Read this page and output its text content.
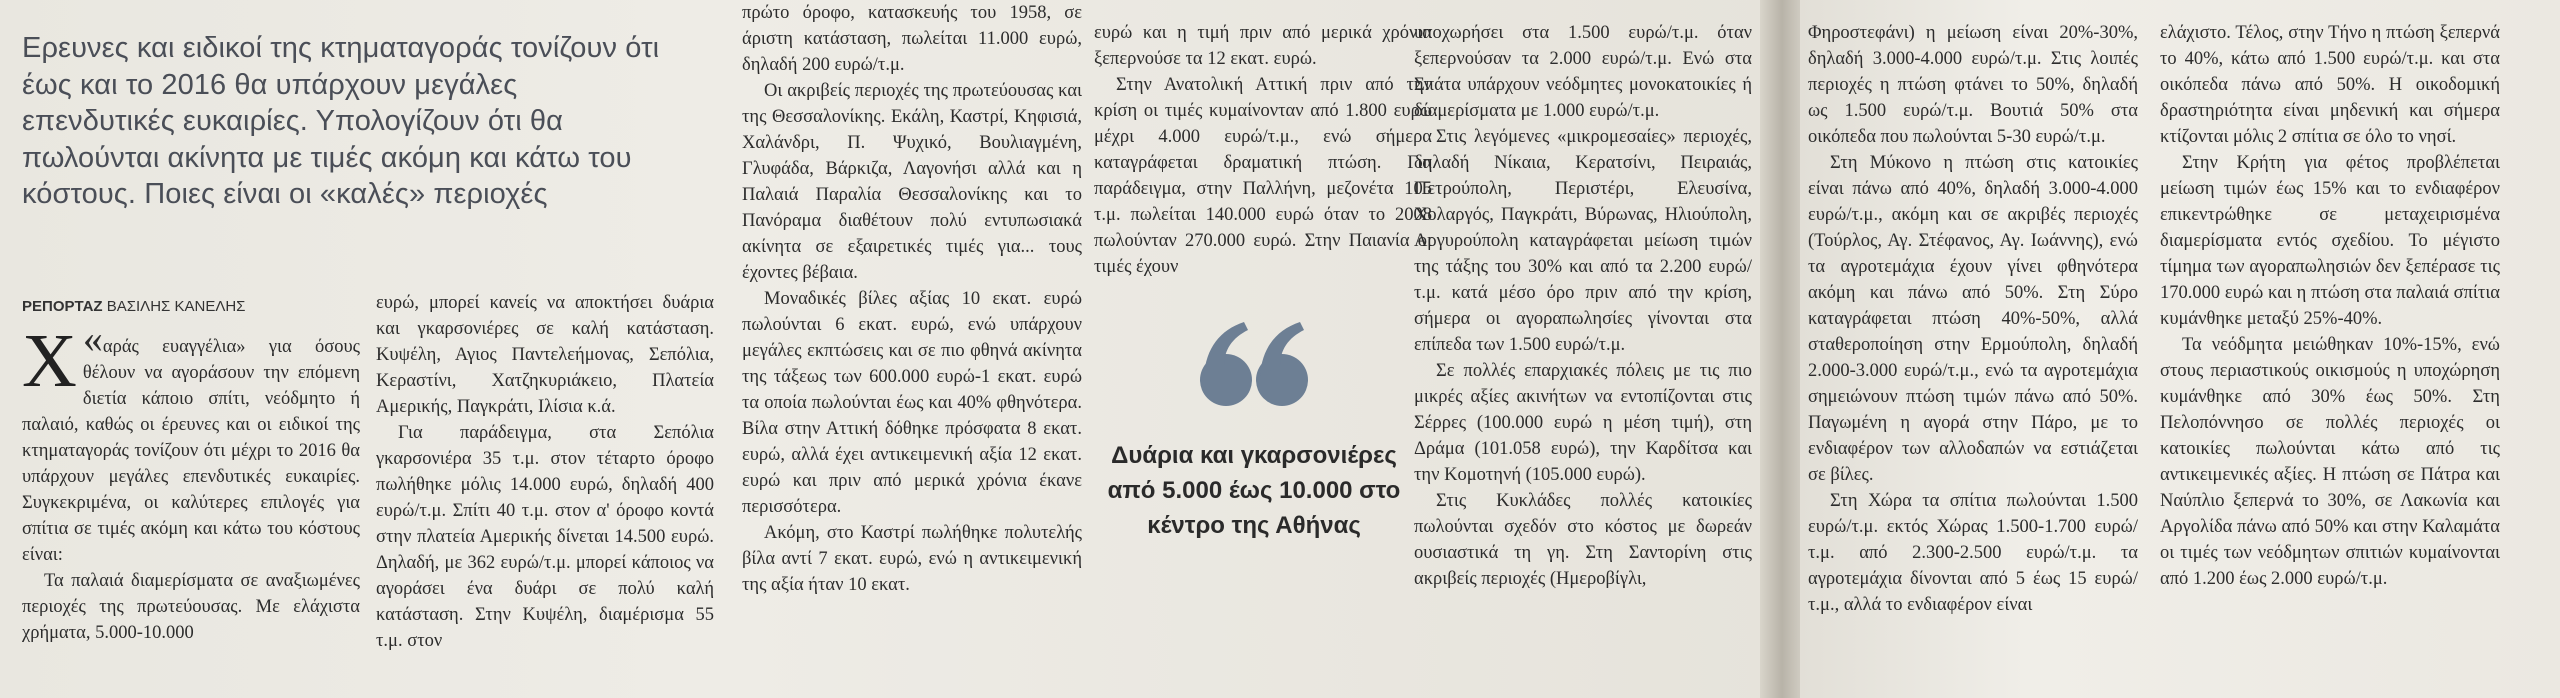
Ερευνες και ειδικοί της κτηματαγοράς τονίζουν ότι έως και το 2016 θα υπάρχουν μεγάλες επενδυτικές ευκαιρίες. Υπολογίζουν ότι θα πωλούνται ακίνητα με τιμές ακόμη και κάτω του κόστους. Ποιες είναι οι «καλές» περιοχές
ΡΕΠΟΡΤΑΖ ΒΑΣΙΛΗΣ ΚΑΝΕΛΗΣ

«
Χ αράς ευαγγέλια» για όσους θέλουν να αγοράσουν την επόμενη διετία κάποιο σπίτι, νεόδμητο ή παλαιό, καθώς οι έρευνες και οι ειδικοί της κτηματαγοράς τονίζουν ότι μέχρι το 2016 θα υπάρχουν μεγάλες επενδυτικές ευκαιρίες. Συγκεκριμένα, οι καλύτερες επιλογές για σπίτια σε τιμές ακόμη και κάτω του κόστους είναι:

Τα παλαιά διαμερίσματα σε αναξιωμένες περιοχές της πρωτεύουσας. Με ελάχιστα χρήματα, 5.000-10.000

ευρώ, μπορεί κανείς να αποκτήσει δυάρια και γκαρσονιέρες σε καλή κατάσταση. Κυψέλη, Αγιος Παντελεήμονας, Σεπόλια, Κεραστίνι, Χατζηκυριάκειο, Πλατεία Αμερικής, Παγκράτι, Ιλίσια κ.ά.

Για παράδειγμα, στα Σεπόλια γκαρσονιέρα 35 τ.μ. στον τέταρτο όροφο πωλήθηκε μόλις 14.000 ευρώ, δηλαδή 400 ευρώ/τ.μ. Σπίτι 40 τ.μ. στον α' όροφο κοντά στην πλατεία Αμερικής δίνεται 14.500 ευρώ. Δηλαδή, με 362 ευρώ/τ.μ. μπορεί κάποιος να αγοράσει ένα δυάρι σε πολύ καλή κατάσταση. Στην Κυψέλη, διαμέρισμα 55 τ.μ. στον

πρώτο όροφο, κατασκευής του 1958, σε άριστη κατάσταση, πωλείται 11.000 ευρώ, δηλαδή 200 ευρώ/τ.μ.

Οι ακριβείς περιοχές της πρωτεύουσας και της Θεσσαλονίκης. Εκάλη, Καστρί, Κηφισιά, Χαλάνδρι, Π. Ψυχικό, Βουλιαγμένη, Γλυφάδα, Βάρκιζα, Λαγονήσι αλλά και η Παλαιά Παραλία Θεσσαλονίκης και το Πανόραμα διαθέτουν πολύ εντυπωσιακά ακίνητα σε εξαιρετικές τιμές για... τους έχοντες βέβαια.

Μοναδικές βίλες αξίας 10 εκατ. ευρώ πωλούνται 6 εκατ. ευρώ, ενώ υπάρχουν μεγάλες εκπτώσεις και σε πιο φθηνά ακίνητα της τάξεως των 600.000 ευρώ-1 εκατ. ευρώ τα οποία πωλούνται έως και 40% φθηνότερα. Βίλα στην Αττική δόθηκε πρόσφατα 8 εκατ. ευρώ, αλλά έχει αντικειμενική αξία 12 εκατ. ευρώ και πριν από μερικά χρόνια έκανε περισσότερα.

Ακόμη, στο Καστρί πωλήθηκε πολυτελής βίλα αντί 7 εκατ. ευρώ, ενώ η αντικειμενική της αξία ήταν 10 εκατ.

ευρώ και η τιμή πριν από μερικά χρόνια ξεπερνούσε τα 12 εκατ. ευρώ.

Στην Ανατολική Αττική πριν από την κρίση οι τιμές κυμαίνονταν από 1.800 ευρώ μέχρι 4.000 ευρώ/τ.μ., ενώ σήμερα καταγράφεται δραματική πτώση. Για παράδειγμα, στην Παλλήνη, μεζονέτα 105 τ.μ. πωλείται 140.000 ευρώ όταν το 2008 πωλούνταν 270.000 ευρώ. Στην Παιανία οι τιμές έχουν

Δυάρια και γκαρσονιέρες από 5.000 έως 10.000 στο κέντρο της Αθήνας

υποχωρήσει στα 1.500 ευρώ/τ.μ. όταν ξεπερνούσαν τα 2.000 ευρώ/τ.μ. Ενώ στα Σπάτα υπάρχουν νεόδμητες μονοκατοικίες ή διαμερίσματα με 1.000 ευρώ/τ.μ.

Στις λεγόμενες «μικρομεσαίες» περιοχές, δηλαδή Νίκαια, Κερατσίνι, Πειραιάς, Πετρούπολη, Περιστέρι, Ελευσίνα, Χολαργός, Παγκράτι, Βύρωνας, Ηλιούπολη, Αργυρούπολη καταγράφεται μείωση τιμών της τάξης του 30% και από τα 2.200 ευρώ/τ.μ. κατά μέσο όρο πριν από την κρίση, σήμερα οι αγοραπωλησίες γίνονται στα επίπεδα των 1.500 ευρώ/τ.μ.

Σε πολλές επαρχιακές πόλεις με τις πιο μικρές αξίες ακινήτων να εντοπίζονται στις Σέρρες (100.000 ευρώ η μέση τιμή), στη Δράμα (101.058 ευρώ), την Καρδίτσα και την Κομοτηνή (105.000 ευρώ).

Στις Κυκλάδες πολλές κατοικίες πωλούνται σχεδόν στο κόστος με δωρεάν ουσιαστικά τη γη. Στη Σαντορίνη στις ακριβείς περιοχές (Ημεροβίγλι,

Φηροστεφάνι) η μείωση είναι 20%-30%, δηλαδή 3.000-4.000 ευρώ/τ.μ. Στις λοιπές περιοχές η πτώση φτάνει το 50%, δηλαδή ως 1.500 ευρώ/τ.μ. Βουτιά 50% στα οικόπεδα που πωλούνται 5-30 ευρώ/τ.μ.

Στη Μύκονο η πτώση στις κατοικίες είναι πάνω από 40%, δηλαδή 3.000-4.000 ευρώ/τ.μ., ακόμη και σε ακριβές περιοχές (Τούρλος, Αγ. Στέφανος, Αγ. Ιωάννης), ενώ τα αγροτεμάχια έχουν γίνει φθηνότερα ακόμη και πάνω από 50%. Στη Σύρο καταγράφεται πτώση 40%-50%, αλλά σταθεροποίηση στην Ερμούπολη, δηλαδή 2.000-3.000 ευρώ/τ.μ., ενώ τα αγροτεμάχια σημειώνουν πτώση τιμών πάνω από 50%. Παγωμένη η αγορά στην Πάρο, με το ενδιαφέρον των αλλοδαπών να εστιάζεται σε βίλες.

Στη Χώρα τα σπίτια πωλούνται 1.500 ευρώ/τ.μ. εκτός Χώρας 1.500-1.700 ευρώ/τ.μ. από 2.300-2.500 ευρώ/τ.μ. τα αγροτεμάχια δίνονται από 5 έως 15 ευρώ/τ.μ., αλλά το ενδιαφέρον είναι

ελάχιστο. Τέλος, στην Τήνο η πτώση ξεπερνά το 40%, κάτω από 1.500 ευρώ/τ.μ. και στα οικόπεδα πάνω από 50%. Η οικοδομική δραστηριότητα είναι μηδενική και σήμερα κτίζονται μόλις 2 σπίτια σε όλο το νησί.

Στην Κρήτη για φέτος προβλέπεται μείωση τιμών έως 15% και το ενδιαφέρον επικεντρώθηκε σε μεταχειρισμένα διαμερίσματα εντός σχεδίου. Το μέγιστο τίμημα των αγοραπωλησιών δεν ξεπέρασε τις 170.000 ευρώ και η πτώση στα παλαιά σπίτια κυμάνθηκε μεταξύ 25%-40%.

Τα νεόδμητα μειώθηκαν 10%-15%, ενώ στους περιαστικούς οικισμούς η υποχώρηση κυμάνθηκε από 30% έως 50%. Στη Πελοπόννησο σε πολλές περιοχές οι κατοικίες πωλούνται κάτω από τις αντικειμενικές αξίες. Η πτώση σε Πάτρα και Ναύπλιο ξεπερνά το 30%, σε Λακωνία και Αργολίδα πάνω από 50% και στην Καλαμάτα οι τιμές των νεόδμητων σπιτιών κυμαίνονται από 1.200 έως 2.000 ευρώ/τ.μ.
